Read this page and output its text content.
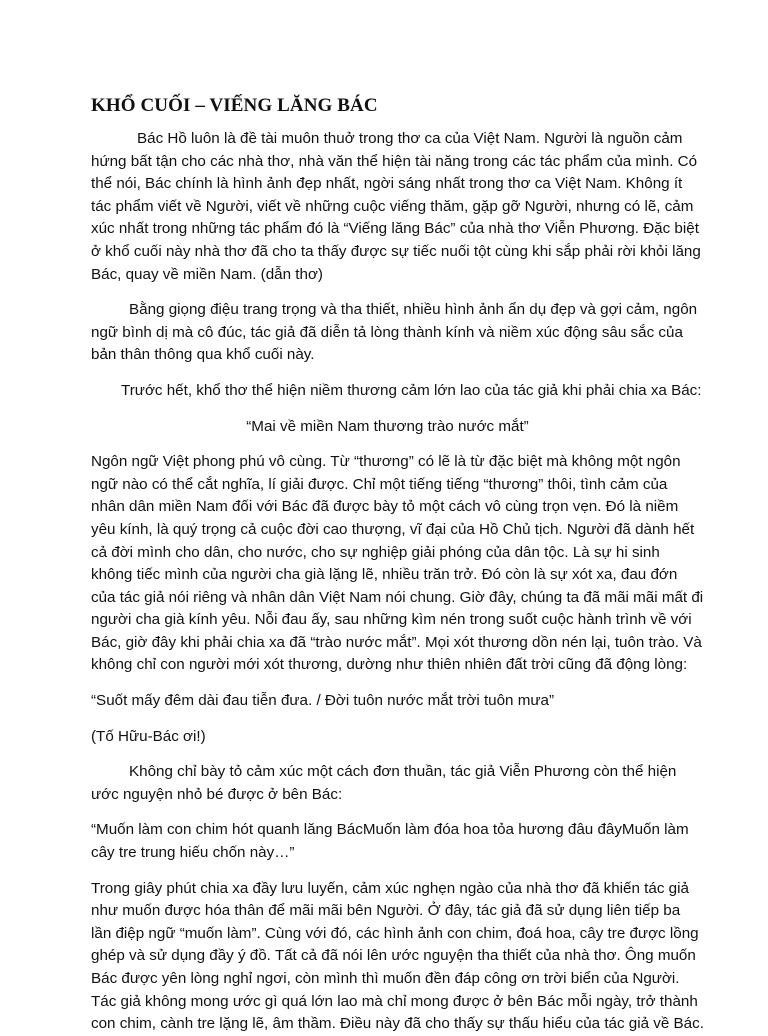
KHỔ CUỐI – VIẾNG LĂNG BÁC

Bác Hồ luôn là đề tài muôn thuở trong thơ ca của Việt Nam. Người là nguồn cảm hứng bất tận cho các nhà thơ, nhà văn thể hiện tài năng trong các tác phẩm của mình. Có thể nói, Bác chính là hình ảnh đẹp nhất, ngời sáng nhất trong thơ ca Việt Nam. Không ít tác phẩm viết về Người, viết về những cuộc viếng thăm, gặp gỡ Người, nhưng có lẽ, cảm xúc nhất trong những tác phẩm đó là “Viếng lăng Bác” của nhà thơ Viễn Phương. Đặc biệt ở khổ cuối này nhà thơ đã cho ta thấy được sự tiếc nuối tột cùng khi sắp phải rời khỏi lăng Bác, quay về miền Nam. (dẫn thơ)

Bằng giọng điệu trang trọng và tha thiết, nhiều hình ảnh ẩn dụ đẹp và gợi cảm, ngôn ngữ bình dị mà cô đúc, tác giả đã diễn tả lòng thành kính và niềm xúc động sâu sắc của bản thân thông qua khổ cuối này.

Trước hết, khổ thơ thể hiện niềm thương cảm lớn lao của tác giả khi phải chia xa Bác:

“Mai về miền Nam thương trào nước mắt”

Ngôn ngữ Việt phong phú vô cùng. Từ “thương” có lẽ là từ đặc biệt mà không một ngôn ngữ nào có thể cắt nghĩa, lí giải được. Chỉ một tiếng tiếng “thương” thôi, tình cảm của nhân dân miền Nam đối với Bác đã được bày tỏ một cách vô cùng trọn vẹn. Đó là niềm yêu kính, là quý trọng cả cuộc đời cao thượng, vĩ đại của Hồ Chủ tịch. Người đã dành hết cả đời mình cho dân, cho nước, cho sự nghiệp giải phóng của dân tộc. Là sự hi sinh không tiếc mình của người cha già lặng lẽ, nhiều trăn trở. Đó còn là sự xót xa, đau đớn của tác giả nói riêng và nhân dân Việt Nam nói chung. Giờ đây, chúng ta đã mãi mãi mất đi người cha già kính yêu. Nỗi đau ấy, sau những kìm nén trong suốt cuộc hành trình về với Bác, giờ đây khi phải chia xa đã “trào nước mắt”. Mọi xót thương dồn nén lại, tuôn trào. Và không chỉ con người mới xót thương, dường như thiên nhiên đất trời cũng đã động lòng:

“Suốt mấy đêm dài đau tiễn đưa. / Đời tuôn nước mắt trời tuôn mưa”

(Tố Hữu-Bác ơi!)

Không chỉ bày tỏ cảm xúc một cách đơn thuần, tác giả Viễn Phương còn thể hiện ước nguyện nhỏ bé được ở bên Bác:

“Muốn làm con chim hót quanh lăng BácMuốn làm đóa hoa tỏa hương đâu đâyMuốn làm cây tre trung hiếu chốn này…”

Trong giây phút chia xa đầy lưu luyến, cảm xúc nghẹn ngào của nhà thơ đã khiến tác giả như muốn được hóa thân để mãi mãi bên Người. Ở đây, tác giả đã sử dụng liên tiếp ba lần điệp ngữ “muốn làm”. Cùng với đó, các hình ảnh con chim, đoá hoa, cây tre được lồng ghép và sử dụng đầy ý đồ. Tất cả đã nói lên ước nguyện tha thiết của nhà thơ. Ông muốn Bác được yên lòng nghỉ ngơi, còn mình thì muốn đền đáp công ơn trời biển của Người. Tác giả không mong ước gì quá lớn lao mà chỉ mong được ở bên Bác mỗi ngày, trở thành con chim, cành tre lặng lẽ, âm thầm. Điều này đã cho thấy sự thấu hiểu của tác giả về Bác.
